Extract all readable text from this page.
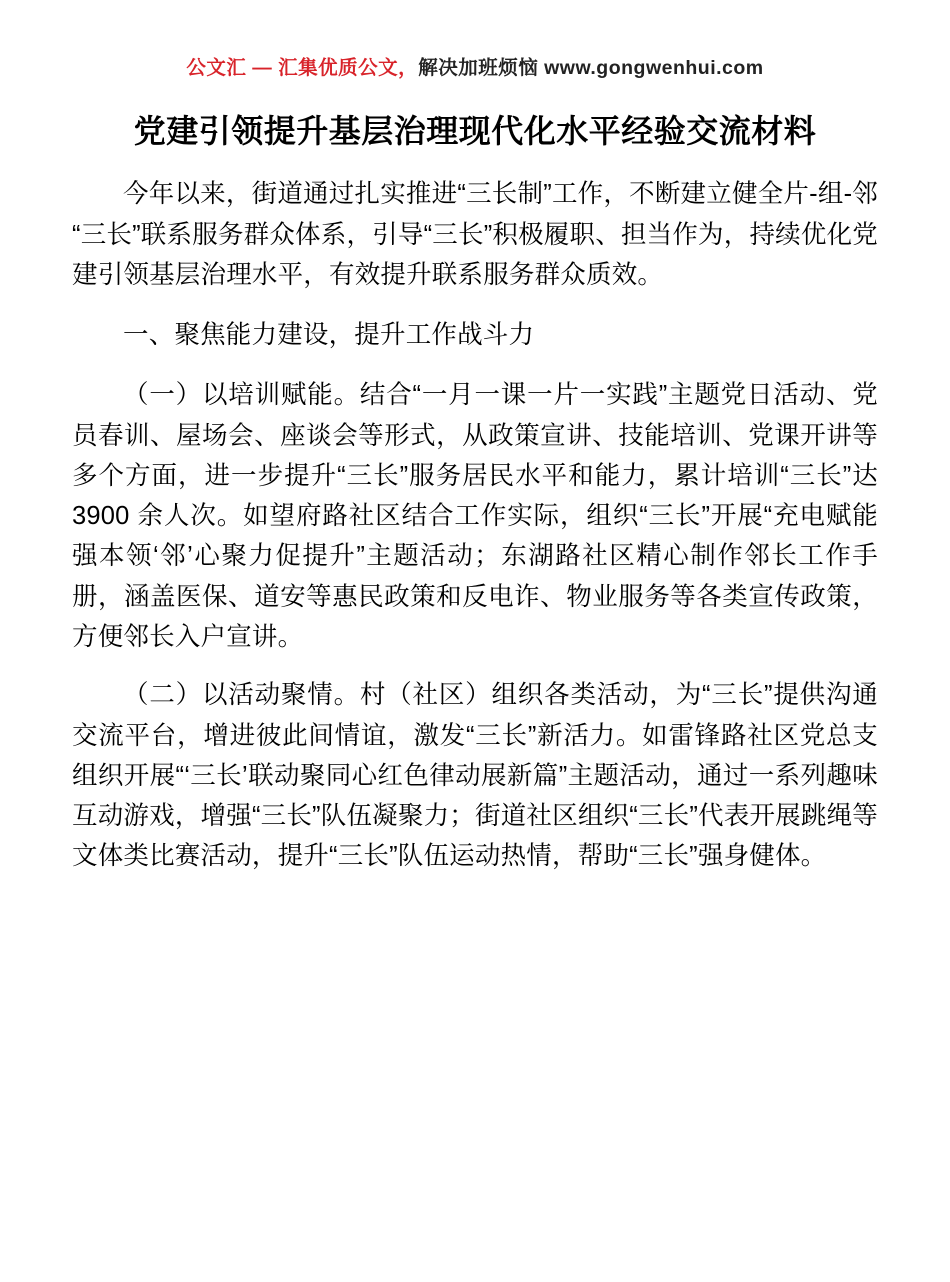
公文汇 — 汇集优质公文，解决加班烦恼 www.gongwenhui.com
党建引领提升基层治理现代化水平经验交流材料

今年以来，街道通过扎实推进“三长制”工作，不断建立健全片-组-邻“三长”联系服务群众体系，引导“三长”积极履职、担当作为，持续优化党建引领基层治理水平，有效提升联系服务群众质效。

一、聚焦能力建设，提升工作战斗力

（一）以培训赋能。结合“一月一课一片一实践”主题党日活动、党员春训、屋场会、座谈会等形式，从政策宣讲、技能培训、党课开讲等多个方面，进一步提升“三长”服务居民水平和能力，累计培训“三长”达 3900 余人次。如望府路社区结合工作实际，组织“三长”开展“充电赋能强本领‘邻’心聚力促提升”主题活动；东湖路社区精心制作邻长工作手册，涵盖医保、道安等惠民政策和反电诈、物业服务等各类宣传政策，方便邻长入户宣讲。

（二）以活动聚情。村（社区）组织各类活动，为“三长”提供沟通交流平台，增进彼此间情谊，激发“三长”新活力。如雷锋路社区党总支组织开展“‘三长’联动聚同心红色律动展新篇”主题活动，通过一系列趣味互动游戏，增强“三长”队伍凝聚力；街道社区组织“三长”代表开展跳绳等文体类比赛活动，提升“三长”队伍运动热情，帮助“三长”强身健体。
